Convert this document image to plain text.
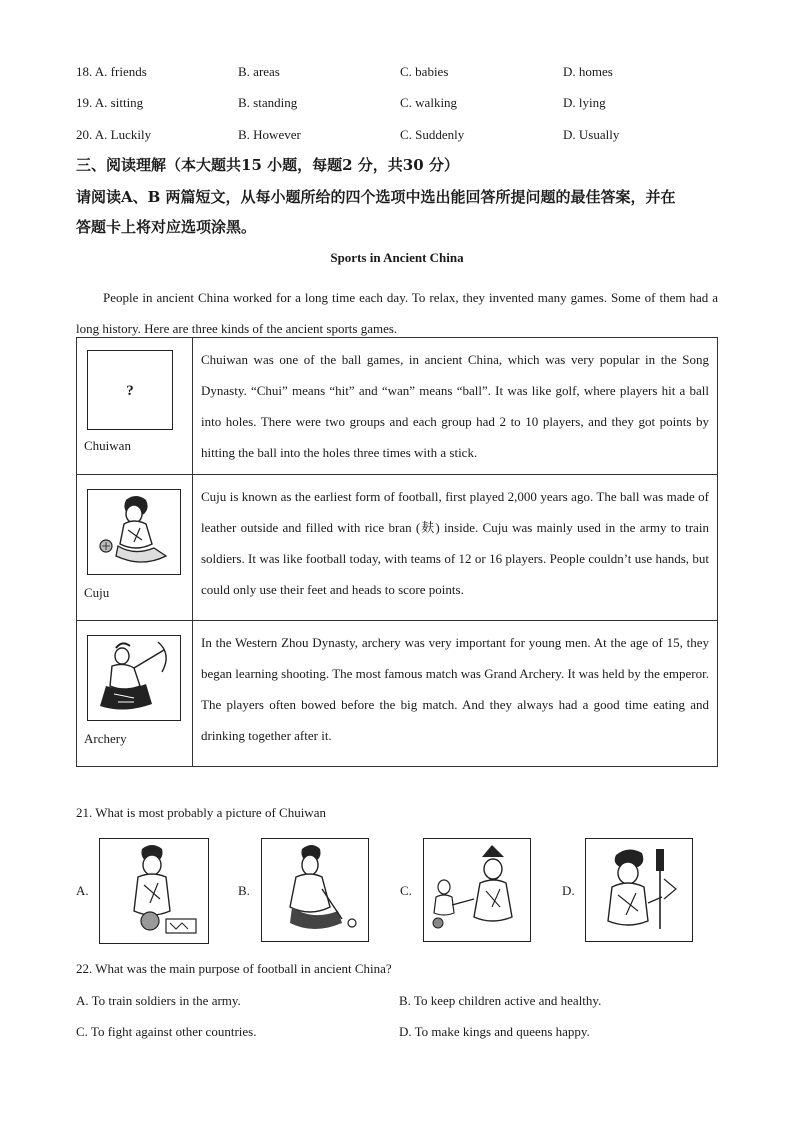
18. A. friends	B. areas	C. babies	D. homes
19. A. sitting	B. standing	C. walking	D. lying
20. A. Luckily	B. However	C. Suddenly	D. Usually
三、阅读理解（本大题共15 小题，每题2 分，共30 分）
请阅读A、B 两篇短文，从每小题所给的四个选项中选出能回答所提问题的最佳答案，并在
答题卡上将对应选项涂黑。
Sports in Ancient China
People in ancient China worked for a long time each day. To relax, they invented many games. Some of them had a long history. Here are three kinds of the ancient sports games.
?
Chuiwan	Chuiwan was one of the ball games, in ancient China, which was very popular in the Song Dynasty. “Chui” means “hit” and “wan” means “ball”. It was like golf, where players hit a ball into holes. There were two groups and each group had 2 to 10 players, and they got points by hitting the ball into the holes three times with a stick.

Cuju	Cuju is known as the earliest form of football, first played 2,000 years ago. The ball was made of leather outside and filled with rice bran (麸) inside. Cuju was mainly used in the army to train soldiers. It was like football today, with teams of 12 or 16 players. People couldn’t use hands, but could only use their feet and heads to score points.

Archery	In the Western Zhou Dynasty, archery was very important for young men. At the age of 15, they began learning shooting. The most famous match was Grand Archery. It was held by the emperor. The players often bowed before the big match. And they always had a good time eating and drinking together after it.
21. What is most probably a picture of Chuiwan
A.	B.	C.	D.
22. What was the main purpose of football in ancient China?
A. To train soldiers in the army.	B. To keep children active and healthy.
C. To fight against other countries.	D. To make kings and queens happy.
